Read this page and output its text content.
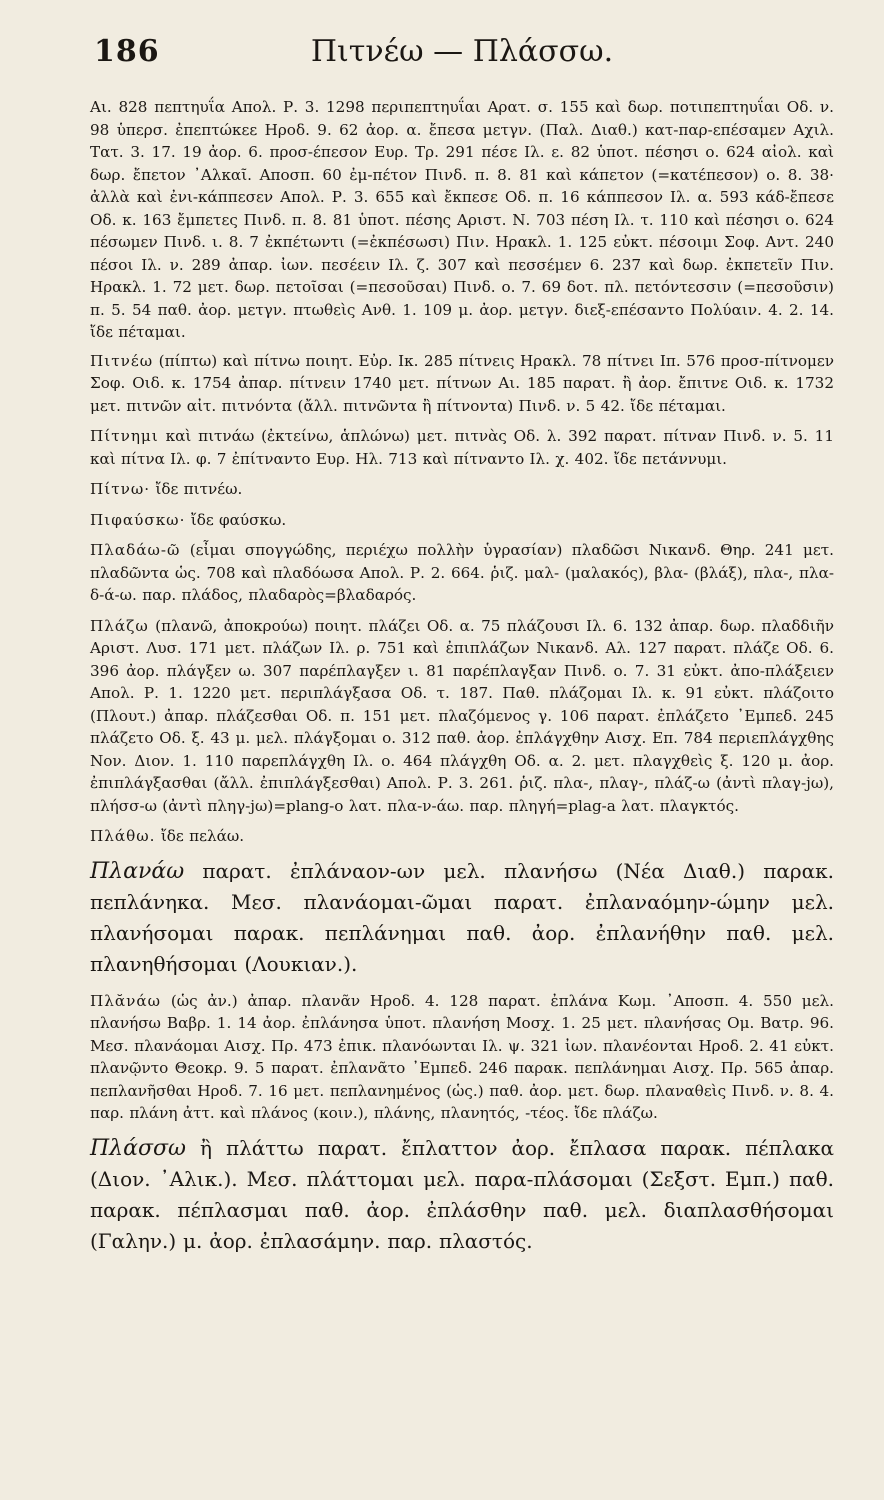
186	Πιτνέω — Πλάσσω.

Αι. 828 πεπτηυΐα Απολ. Ρ. 3. 1298 περιπεπτηυΐαι Αρατ. σ. 155 καὶ δωρ. ποτιπεπτηυΐαι Οδ. ν. 98 ὑπερσ. ἐπεπτώκεε Ηροδ. 9. 62 ἀορ. α. ἔπεσα μετγν. (Παλ. Διαθ.) κατ-παρ-επέσαμεν Αχιλ. Τατ. 3. 17. 19 ἀορ. 6. προσ-έπεσον Ευρ. Τρ. 291 πέσε Ιλ. ε. 82 ὑποτ. πέσησι ο. 624 αἰολ. καὶ δωρ. ἔπετον ᾿Αλκαῖ. Αποσπ. 60 ἐμ-πέτον Πινδ. π. 8. 81 καὶ κάπετον (=κατέπεσον) ο. 8. 38· ἀλλὰ καὶ ἐνι-κάππεσεν Απολ. Ρ. 3. 655 καὶ ἔκπεσε Οδ. π. 16 κάππεσον Ιλ. α. 593 κάδ-ἔπεσε Οδ. κ. 163 ἔμπετες Πινδ. π. 8. 81 ὑποτ. πέσης Αριστ. Ν. 703 πέση Ιλ. τ. 110 καὶ πέσησι ο. 624 πέσωμεν Πινδ. ι. 8. 7 ἐκπέτωντι (=ἐκπέσωσι) Πιν. Ηρακλ. 1. 125 εὐκτ. πέσοιμι Σοφ. Αντ. 240 πέσοι Ιλ. ν. 289 ἀπαρ. ἰων. πεσέειν Ιλ. ζ. 307 καὶ πεσσέμεν 6. 237 καὶ δωρ. ἐκπετεῖν Πιν. Ηρακλ. 1. 72 μετ. δωρ. πετοῖσαι (=πεσοῦσαι) Πινδ. ο. 7. 69 δοτ. πλ. πετόντεσσιν (=πεσοῦσιν) π. 5. 54 παθ. ἀορ. μετγν. πτωθεὶς Ανθ. 1. 109 μ. ἀορ. μετγν. διεξ-επέσαντο Πολύαιν. 4. 2. 14. ἴδε πέταμαι.

Πιτνέω (πίπτω) καὶ πίτνω ποιητ. Εὐρ. Ικ. 285 πίτνεις Ηρακλ. 78 πίτνει Ιπ. 576 προσ-πίτνομεν Σοφ. Οιδ. κ. 1754 ἀπαρ. πίτνειν 1740 μετ. πίτνων Αι. 185 παρατ. ἢ ἀορ. ἔπιτνε Οιδ. κ. 1732 μετ. πιτνῶν αἰτ. πιτνόντα (ἄλλ. πιτνῶντα ἢ πίτνοντα) Πινδ. ν. 5 42. ἴδε πέταμαι.

Πίτνημι καὶ πιτνάω (ἐκτείνω, ἁπλώνω) μετ. πιτνὰς Οδ. λ. 392 παρατ. πίτναν Πινδ. ν. 5. 11 καὶ πίτνα Ιλ. φ. 7 ἐπίτναντο Ευρ. Ηλ. 713 καὶ πίτναντο Ιλ. χ. 402. ἴδε πετάννυμι.

Πίτνω· ἴδε πιτνέω.

Πιφαύσκω· ἴδε φαύσκω.

Πλαδάω-ῶ (εἶμαι σπογγώδης, περιέχω πολλὴν ὑγρασίαν) πλαδῶσι Νικανδ. Θηρ. 241 μετ. πλαδῶντα ὡς. 708 καὶ πλαδόωσα Απολ. Ρ. 2. 664. ῥιζ. μαλ- (μαλακός), βλα- (βλάξ), πλα-, πλα-δ-ά-ω. παρ. πλάδος, πλαδαρὸς=βλαδαρός.

Πλάζω (πλανῶ, ἀποκρούω) ποιητ. πλάζει Οδ. α. 75 πλάζουσι Ιλ. 6. 132 ἀπαρ. δωρ. πλαδδιῆν Αριστ. Λυσ. 171 μετ. πλάζων Ιλ. ρ. 751 καὶ ἐπιπλάζων Νικανδ. Αλ. 127 παρατ. πλάζε Οδ. 6. 396 ἀορ. πλάγξεν ω. 307 παρέπλαγξεν ι. 81 παρέπλαγξαν Πινδ. ο. 7. 31 εὐκτ. ἀπο-πλάξειεν Απολ. Ρ. 1. 1220 μετ. περιπλάγξασα Οδ. τ. 187. Παθ. πλάζομαι Ιλ. κ. 91 εὐκτ. πλάζοιτο (Πλουτ.) ἀπαρ. πλάζεσθαι Οδ. π. 151 μετ. πλαζόμενος γ. 106 παρατ. ἐπλάζετο ᾿Εμπεδ. 245 πλάζετο Οδ. ξ. 43 μ. μελ. πλάγξομαι ο. 312 παθ. ἀορ. ἐπλάγχθην Αισχ. Επ. 784 περιεπλάγχθης Νον. Διον. 1. 110 παρεπλάγχθη Ιλ. ο. 464 πλάγχθη Οδ. α. 2. μετ. πλαγχθεὶς ξ. 120 μ. ἀορ. ἐπιπλάγξασθαι (ἄλλ. ἐπιπλάγξεσθαι) Απολ. Ρ. 3. 261. ῥιζ. πλα-, πλαγ-, πλάζ-ω (ἀντὶ πλαγ-jω), πλήσσ-ω (ἀντὶ πληγ-jω)=plang-o λατ. πλα-ν-άω. παρ. πληγή=plag-a λατ. πλαγκτός.

Πλάθω. ἴδε πελάω.

Πλανάω παρατ. ἐπλάναον-ων μελ. πλανήσω (Νέα Διαθ.) παρακ. πεπλάνηκα. Μεσ. πλανάομαι-ῶμαι παρατ. ἐπλαναόμην-ώμην μελ. πλανήσομαι παρακ. πεπλάνημαι παθ. ἀορ. ἐπλανήθην παθ. μελ. πλανηθήσομαι (Λουκιαν.).

Πλᾰνάω (ὡς ἀν.) ἀπαρ. πλανᾶν Ηροδ. 4. 128 παρατ. ἐπλάνα Κωμ. ᾿Αποσπ. 4. 550 μελ. πλανήσω Βαβρ. 1. 14 ἀορ. ἐπλάνησα ὑποτ. πλανήση Μοσχ. 1. 25 μετ. πλανήσας Ομ. Βατρ. 96. Μεσ. πλανάομαι Αισχ. Πρ. 473 ἐπικ. πλανόωνται Ιλ. ψ. 321 ἰων. πλανέονται Ηροδ. 2. 41 εὐκτ. πλανῷντο Θεοκρ. 9. 5 παρατ. ἐπλανᾶτο ᾿Εμπεδ. 246 παρακ. πεπλάνημαι Αισχ. Πρ. 565 ἀπαρ. πεπλανῆσθαι Ηροδ. 7. 16 μετ. πεπλανημένος (ὡς.) παθ. ἀορ. μετ. δωρ. πλαναθεὶς Πινδ. ν. 8. 4. παρ. πλάνη ἀττ. καὶ πλάνος (κοιν.), πλάνης, πλανητός, -τέος. ἴδε πλάζω.

Πλάσσω ἢ πλάττω παρατ. ἔπλαττον ἀορ. ἔπλασα παρακ. πέπλακα (Διον. ᾿Αλικ.). Μεσ. πλάττομαι μελ. παρα-πλάσομαι (Σεξστ. Εμπ.) παθ. παρακ. πέπλασμαι παθ. ἀορ. ἐπλάσθην παθ. μελ. διαπλασθήσομαι (Γαλην.) μ. ἀορ. ἐπλασάμην. παρ. πλαστός.
